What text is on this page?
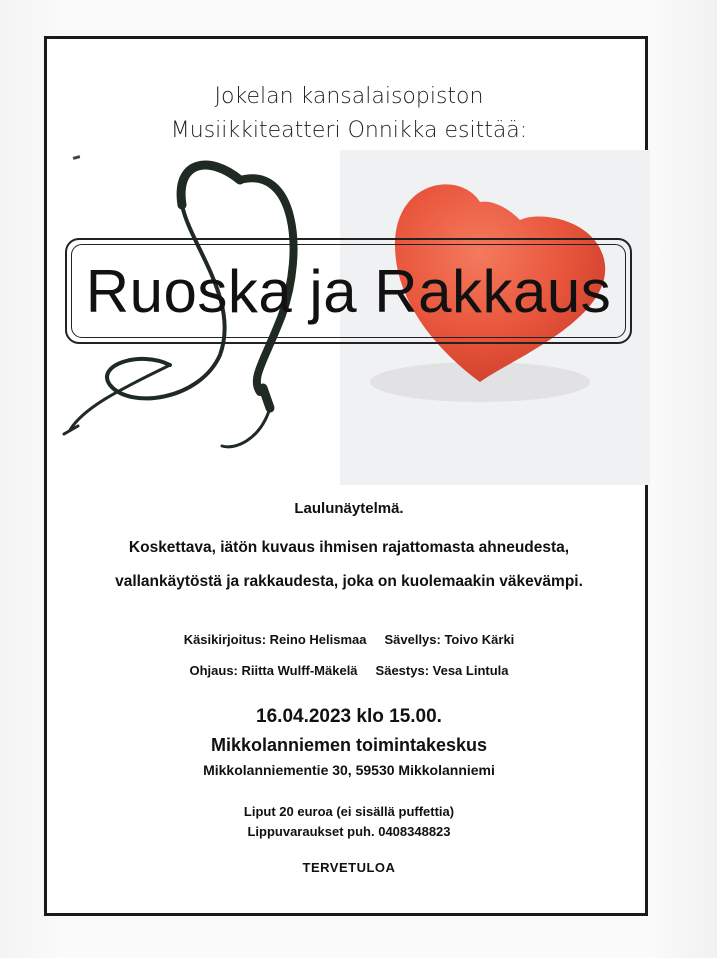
Jokelan kansalaisopiston
Musiikkiteatteri Onnikka esittää:
Ruoska ja Rakkaus
Laulunäytelmä.
Koskettava, iätön kuvaus ihmisen rajattomasta ahneudesta,
vallankäytöstä ja rakkaudesta, joka on kuolemaakin väkevämpi.
Käsikirjoitus: Reino Helismaa Sävellys: Toivo Kärki
Ohjaus: Riitta Wulff-Mäkelä Säestys: Vesa Lintula
16.04.2023 klo 15.00.
Mikkolanniemen toimintakeskus
Mikkolanniementie 30, 59530 Mikkolanniemi
Liput 20 euroa (ei sisällä puffettia)
Lippuvaraukset puh. 0408348823
TERVETULOA
